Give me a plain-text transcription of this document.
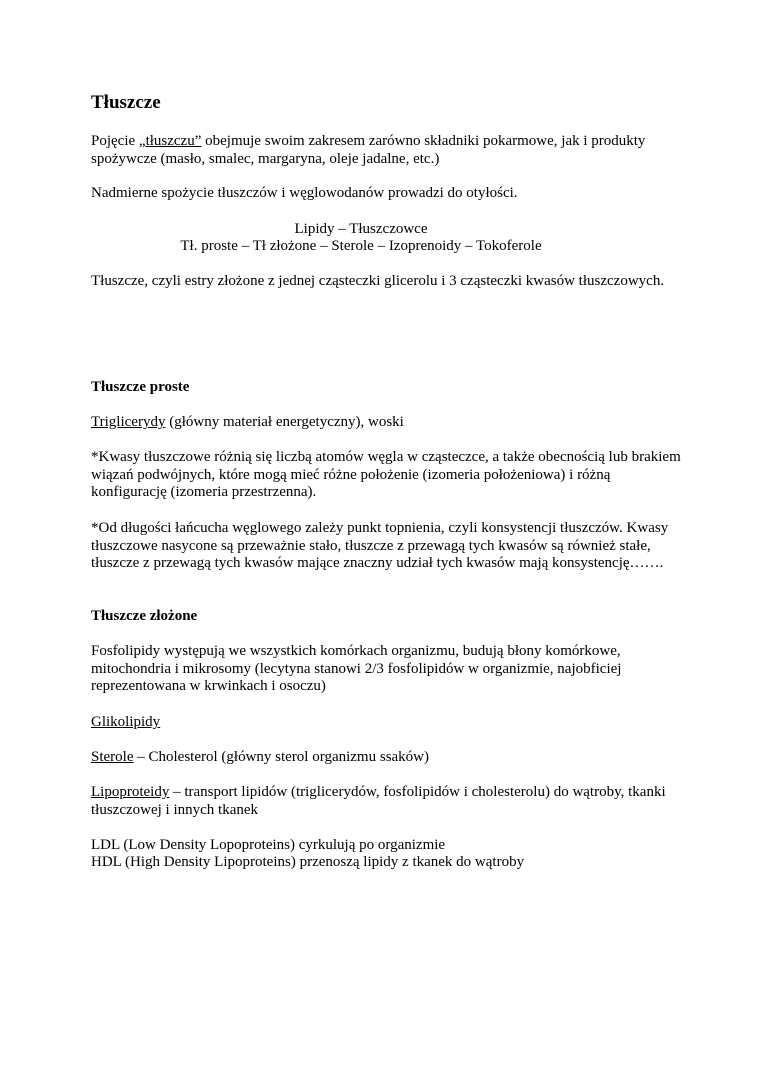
Tłuszcze

Pojęcie „tłuszczu” obejmuje swoim zakresem zarówno składniki pokarmowe, jak i produkty spożywcze (masło, smalec, margaryna, oleje jadalne, etc.)

Nadmierne spożycie tłuszczów i węglowodanów prowadzi do otyłości.

Lipidy – Tłuszczowce

Tł. proste – Tł złożone – Sterole – Izoprenoidy – Tokoferole

Tłuszcze, czyli estry złożone z jednej cząsteczki glicerolu i 3 cząsteczki kwasów tłuszczowych.

Tłuszcze proste

Triglicerydy (główny materiał energetyczny), woski

*Kwasy tłuszczowe różnią się liczbą atomów węgla w cząsteczce, a także obecnością lub brakiem wiązań podwójnych, które mogą mieć różne położenie (izomeria położeniowa) i różną konfigurację (izomeria przestrzenna).

*Od długości łańcucha węglowego zależy punkt topnienia, czyli konsystencji tłuszczów. Kwasy tłuszczowe nasycone są przeważnie stało, tłuszcze z przewagą tych kwasów są również stałe, tłuszcze z przewagą tych kwasów mające znaczny udział tych kwasów mają konsystencję…….

Tłuszcze złożone

Fosfolipidy występują we wszystkich komórkach organizmu, budują błony komórkowe, mitochondria i mikrosomy (lecytyna stanowi 2/3 fosfolipidów w organizmie, najobficiej reprezentowana w krwinkach i osoczu)

Glikolipidy

Sterole – Cholesterol (główny sterol organizmu ssaków)

Lipoproteidy – transport lipidów (triglicerydów, fosfolipidów i cholesterolu) do wątroby, tkanki tłuszczowej i innych tkanek

LDL (Low Density Lopoproteins) cyrkulują po organizmie

HDL (High Density Lipoproteins) przenoszą lipidy z tkanek do wątroby
